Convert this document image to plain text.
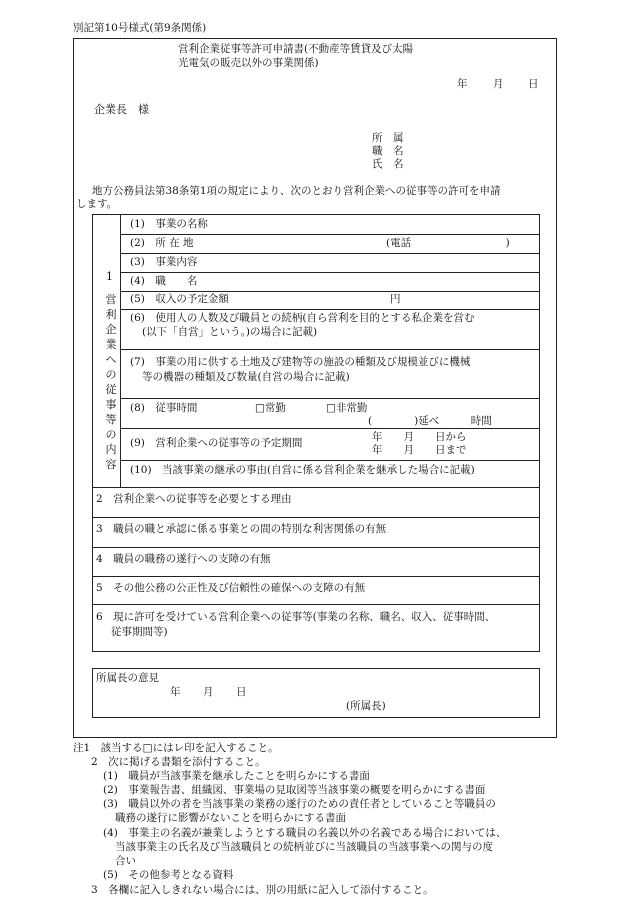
別記第10号様式(第9条関係)
営利企業従事等許可申請書(不動産等賃貸及び太陽
光電気の販売以外の事業関係)
年 月 日
企業長　様
所　属
職　名
氏　名
地方公務員法第38条第1項の規定により、次のとおり営利企業への従事等の許可を申請
します。
1
営
利
企
業
へ
の
従
事
等
の
内
容
(1)　事業の名称
(2)　所 在 地	(電話　　　　　　　　　)
(3)　事業内容
(4)　職　　名
(5)　収入の予定金額	円
(6)　使用人の人数及び職員との続柄(自ら営利を目的とする私企業を営む
(以下「自営」という。)の場合に記載)
(7)　事業の用に供する土地及び建物等の施設の種類及び規模並びに機械
等の機器の種類及び数量(自営の場合に記載)
(8)　従事時間	□常勤	□非常勤
(　　　　)延べ　　　時間
(9)　営利企業への従事等の予定期間	年　　月　　日から
年　　月　　日まで
(10)　当該事業の継承の事由(自営に係る営利企業を継承した場合に記載)
2　営利企業への従事等を必要とする理由
3　職員の職と承認に係る事業との間の特別な利害関係の有無
4　職員の職務の遂行への支障の有無
5　その他公務の公正性及び信頼性の確保への支障の有無
6　現に許可を受けている営利企業への従事等(事業の名称、職名、収入、従事時間、
従事期間等)
所属長の意見
年　　月　　日
(所属長)
注1　該当する□にはレ印を記入すること。
2　次に掲げる書類を添付すること。
(1)　職員が当該事業を継承したことを明らかにする書面
(2)　事業報告書、組織図、事業場の見取図等当該事業の概要を明らかにする書面
(3)　職員以外の者を当該事業の業務の遂行のための責任者としていること等職員の
職務の遂行に影響がないことを明らかにする書面
(4)　事業主の名義が兼業しようとする職員の名義以外の名義である場合においては、
当該事業主の氏名及び当該職員との続柄並びに当該職員の当該事業への関与の度
合い
(5)　その他参考となる資料
3　各欄に記入しきれない場合には、別の用紙に記入して添付すること。
